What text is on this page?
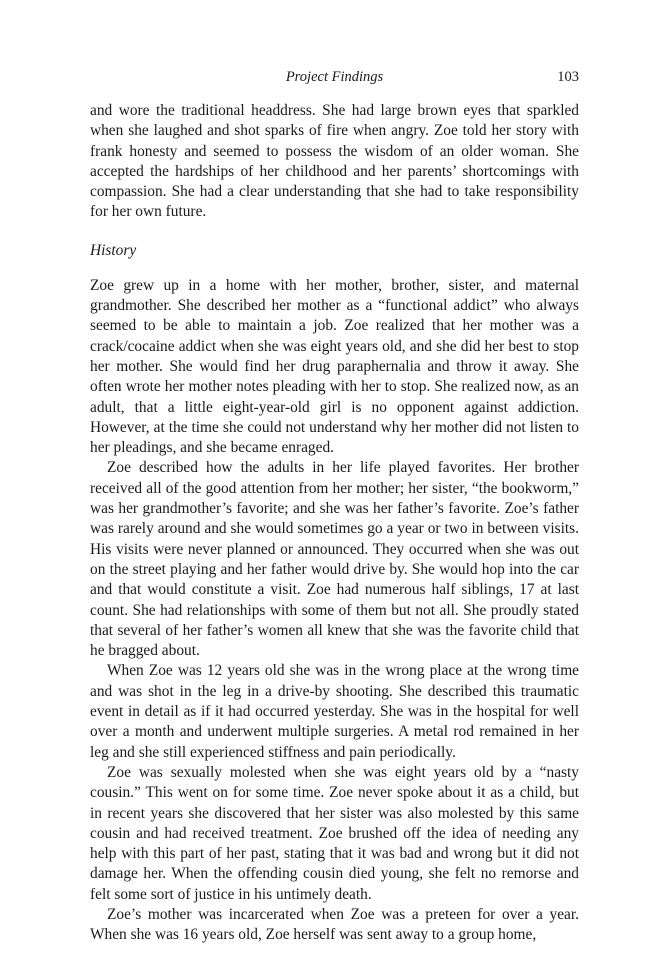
Project Findings	103

and wore the traditional headdress. She had large brown eyes that sparkled when she laughed and shot sparks of fire when angry. Zoe told her story with frank honesty and seemed to possess the wisdom of an older woman. She accepted the hardships of her childhood and her parents’ shortcomings with compassion. She had a clear understanding that she had to take responsibility for her own future.

History

Zoe grew up in a home with her mother, brother, sister, and maternal grandmother. She described her mother as a “functional addict” who always seemed to be able to maintain a job. Zoe realized that her mother was a crack/cocaine addict when she was eight years old, and she did her best to stop her mother. She would find her drug paraphernalia and throw it away. She often wrote her mother notes pleading with her to stop. She realized now, as an adult, that a little eight-year-old girl is no opponent against addiction. However, at the time she could not understand why her mother did not listen to her pleadings, and she became enraged.

Zoe described how the adults in her life played favorites. Her brother received all of the good attention from her mother; her sister, “the bookworm,” was her grandmother’s favorite; and she was her father’s favorite. Zoe’s father was rarely around and she would sometimes go a year or two in between visits. His visits were never planned or announced. They occurred when she was out on the street playing and her father would drive by. She would hop into the car and that would constitute a visit. Zoe had numerous half siblings, 17 at last count. She had relationships with some of them but not all. She proudly stated that several of her father’s women all knew that she was the favorite child that he bragged about.

When Zoe was 12 years old she was in the wrong place at the wrong time and was shot in the leg in a drive-by shooting. She described this traumatic event in detail as if it had occurred yesterday. She was in the hospital for well over a month and underwent multiple surgeries. A metal rod remained in her leg and she still experienced stiffness and pain periodically.

Zoe was sexually molested when she was eight years old by a “nasty cousin.” This went on for some time. Zoe never spoke about it as a child, but in recent years she discovered that her sister was also molested by this same cousin and had received treatment. Zoe brushed off the idea of needing any help with this part of her past, stating that it was bad and wrong but it did not damage her. When the offending cousin died young, she felt no remorse and felt some sort of justice in his untimely death.

Zoe’s mother was incarcerated when Zoe was a preteen for over a year. When she was 16 years old, Zoe herself was sent away to a group home,
